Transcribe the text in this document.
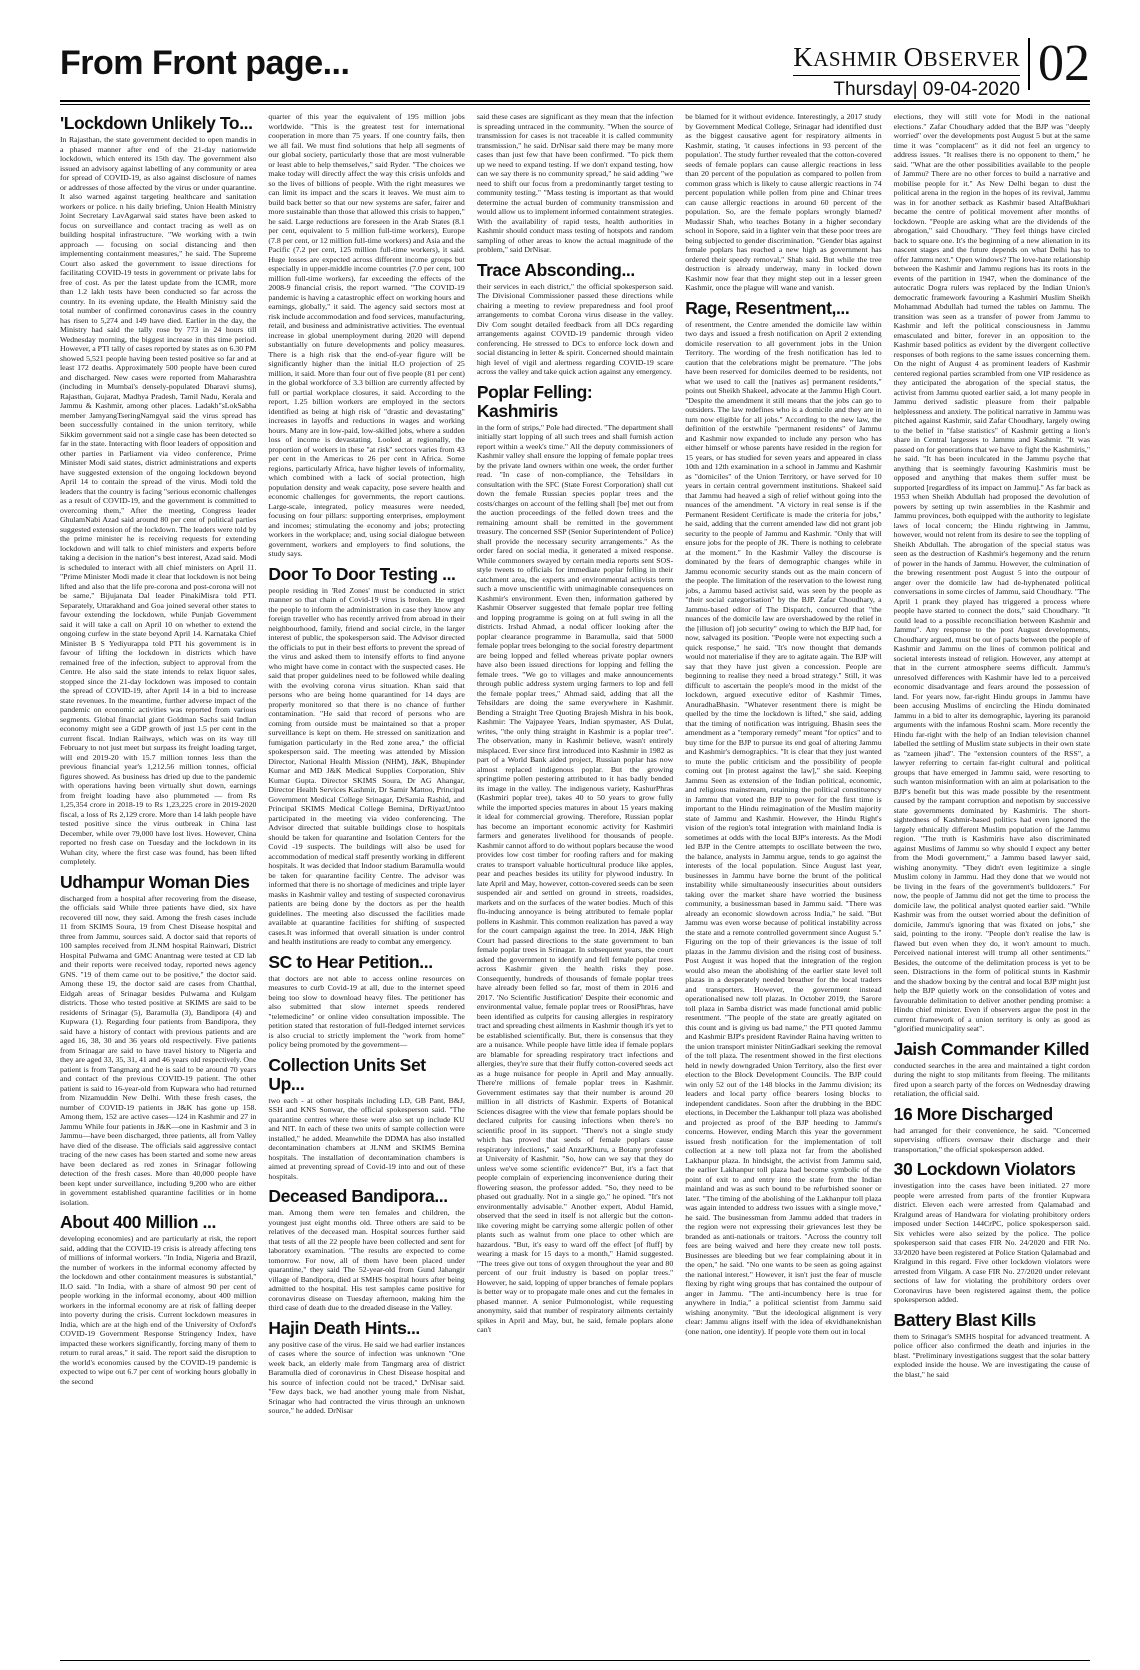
From Front page...	KASHMIR OBSERVER
Thursday| 09-04-2020 02
'Lockdown Unlikely To...
In Rajasthan, the state government decided to open mandis in a phased manner after end of the 21-day nationwide lockdown, which entered its 15th day. The government also issued an advisory against labelling of any community or area for spread of COVID-19, as also against disclosure of names or addresses of those affected by the virus or under quarantine. It also warned against targeting healthcare and sanitation workers or police. n his daily briefing, Union Health Ministry Joint Secretary LavAgarwal said states have been asked to focus on surveillance and contact tracing as well as on building hospital infrastructure. "We working with a twin approach — focusing on social distancing and then implementing containment measures," he said. The Supreme Court also asked the government to issue directions for facilitating COVID-19 tests in government or private labs for free of cost. As per the latest update from the ICMR, more than 1.2 lakh tests have been conducted so far across the country. In its evening update, the Health Ministry said the total number of confirmed coronavirus cases in the country has risen to 5,274 and 149 have died. Earlier in the day, the Ministry had said the tally rose by 773 in 24 hours till Wednesday morning, the biggest increase in this time period. However, a PTI tally of cases reported by states as on 6.30 PM showed 5,521 people having been tested positive so far and at least 172 deaths. Approximately 500 people have been cured and discharged. New cases were reported from Maharashtra (including in Mumbai's densely-populated Dharavi slums), Rajasthan, Gujarat, Madhya Pradesh, Tamil Nadu, Kerala and Jammu & Kashmir, among other places. Ladakh"sLokSabha member JamyangTseringNamgyal said the virus spread has been successfully contained in the union territory, while Sikkim government said not a single case has been detected so far in the state. Interacting with floor leaders of opposition and other parties in Parliament via video conference, Prime Minister Modi said states, district administrations and experts have suggested extension of the ongoing lockdown beyond April 14 to contain the spread of the virus. Modi told the leaders that the country is facing "serious economic challenges as a result of COVID-19, and the government is committed to overcoming them," After the meeting, Congress leader GhulamNabi Azad said around 80 per cent of political parties suggested extension of the lockdown. The leaders were told by the prime minister he is receiving requests for extending lockdown and will talk to chief ministers and experts before taking a decision in the nation"s best interest, Azad said. Modi is scheduled to interact with all chief ministers on April 11. "Prime Minister Modi made it clear that lockdown is not being lifted and also that the life pre-corona and post-corona will not be same," Bijujanata Dal leader PinakiMisra told PTI. Separately, Uttarakhand and Goa joined several other states to favour extending the lockdown, while Punjab Government said it will take a call on April 10 on whether to extend the ongoing curfew in the state beyond April 14. Karnataka Chief Minister B S Yediyurappa told PTI his government is in favour of lifting the lockdown in districts which have remained free of the infection, subject to approval from the Centre. He also said the state intends to relax liquor sales, stopped since the 21-day lockdown was imposed to contain the spread of COVID-19, after April 14 in a bid to increase state revenues. In the meantime, further adverse impact of the pandemic on economic activities was reported from various segments. Global financial giant Goldman Sachs said Indian economy might see a GDP growth of just 1.5 per cent in the current fiscal. Indian Railways, which was on its way till February to not just meet but surpass its freight loading target, will end 2019-20 with 15.7 million tonnes less than the previous financial year's 1,212.56 million tonnes, official figures showed. As business has dried up due to the pandemic with operations having been virtually shut down, earnings from freight loading have also plummeted — from Rs 1,25,354 crore in 2018-19 to Rs 1,23,225 crore in 2019-2020 fiscal, a loss of Rs 2,129 crore. More than 14 lakh people have tested positive since the virus outbreak in China last December, while over 79,000 have lost lives. However, China reported no fresh case on Tuesday and the lockdown in its Wuhan city, where the first case was found, has been lifted completely.
Udhampur Woman Dies
discharged from a hospital after recovering from the disease, the officials said While three patients have died, six have recovered till now, they said. Among the fresh cases include 11 from SKIMS Soura, 19 from Chest Disease hospital and three from Jammu, sources said. A doctor said that reports of 100 samples received from JLNM hospital Rainwari, District Hospital Pulwama and GMC Anantnag were tested at CD lab and their reports were received today, reported news agency GNS. "19 of them came out to be positive," the doctor said. Among these 19, the doctor said are cases from Chatthal, Eidgah areas of Srinagar besides Pulwama and Kulgam districts. Those who tested positive at SKIMS are said to be residents of Srinagar (5), Baramulla (3), Bandipora (4) and Kupwara (1). Regarding four patients from Bandipora, they said have a history of contact with previous patients and are aged 16, 38, 30 and 36 years old respectively. Five patients from Srinagar are said to have travel history to Nigeria and they are aged 33, 35, 31, 41 and 46 years old respectively. One patient is from Tangmarg and he is said to be around 70 years and contact of the previous COVID-19 patient. The other patient is said to 16-year-old from Kupwara who had returned from Nizamuddin New Delhi. With these fresh cases, the number of COVID-19 patients in J&K has gone up 158. Among them, 152 are active cases—124 in Kashmir and 27 in Jammu While four patients in J&K—one in Kashmir and 3 in Jammu—have been discharged, three patients, all from Valley have died of the disease. The officials said aggressive contact tracing of the new cases has been started and some new areas have been declared as red zones in Srinagar following detection of the fresh cases. More than 40,000 people have been kept under surveillance, including 9,200 who are either in government established quarantine facilities or in home isolation.
About 400 Million ...
developing economies) and are particularly at risk, the report said, adding that the COVID-19 crisis is already affecting tens of millions of informal workers. "In India, Nigeria and Brazil, the number of workers in the informal economy affected by the lockdown and other containment measures is substantial," ILO said. "In India, with a share of almost 90 per cent of people working in the informal economy, about 400 million workers in the informal economy are at risk of falling deeper into poverty during the crisis. Current lockdown measures in India, which are at the high end of the University of Oxford's COVID-19 Government Response Stringency Index, have impacted these workers significantly, forcing many of them to return to rural areas," it said. The report said the disruption to the world's economies caused by the COVID-19 pandemic is expected to wipe out 6.7 per cent of working hours globally in the second
quarter of this year the equivalent of 195 million jobs worldwide. "This is the greatest test for international cooperation in more than 75 years. If one country fails, then we all fail. We must find solutions that help all segments of our global society, particularly those that are most vulnerable or least able to help themselves," said Ryder. "The choices we make today will directly affect the way this crisis unfolds and so the lives of billions of people. With the right measures we can limit its impact and the scars it leaves. We must aim to build back better so that our new systems are safer, fairer and more sustainable than those that allowed this crisis to happen," he said. Large reductions are foreseen in the Arab States (8.1 per cent, equivalent to 5 million full-time workers), Europe (7.8 per cent, or 12 million full-time workers) and Asia and the Pacific (7.2 per cent, 125 million full-time workers), it said. Huge losses are expected across different income groups but especially in upper-middle income countries (7.0 per cent, 100 million full-time workers), far exceeding the effects of the 2008-9 financial crisis, the report warned. "The COVID-19 pandemic is having a catastrophic effect on working hours and earnings, globally," it said. The agency said sectors most at risk include accommodation and food services, manufacturing, retail, and business and administrative activities. The eventual increase in global unemployment during 2020 will depend substantially on future developments and policy measures. There is a high risk that the end-of-year figure will be significantly higher than the initial ILO projection of 25 million, it said. More than four out of five people (81 per cent) in the global workforce of 3.3 billion are currently affected by full or partial workplace closures, it said. According to the report, 1.25 billion workers are employed in the sectors identified as being at high risk of "drastic and devastating" increases in layoffs and reductions in wages and working hours. Many are in low-paid, low-skilled jobs, where a sudden loss of income is devastating. Looked at regionally, the proportion of workers in these "at risk" sectors varies from 43 per cent in the Americas to 26 per cent in Africa. Some regions, particularly Africa, have higher levels of informality, which combined with a lack of social protection, high population density and weak capacity, pose severe health and economic challenges for governments, the report cautions. Large-scale, integrated, policy measures were needed, focusing on four pillars: supporting enterprises, employment and incomes; stimulating the economy and jobs; protecting workers in the workplace; and, using social dialogue between government, workers and employers to find solutions, the study says.
Door To Door Testing ...
people residing in 'Red Zones' must be conducted in strict manner so that chain of Covid-19 virus is broken. He urged the people to inform the administration in case they know any foreign traveller who has recently arrived from abroad in their neighbourhood, family, friend and social circle, in the larger interest of public, the spokesperson said. The Advisor directed the officials to put in their best efforts to prevent the spread of the virus and asked them to intensify efforts to find anyone who might have come in contact with the suspected cases. He said that proper guidelines need to be followed while dealing with the evolving corona virus situation. Khan said that persons who are being home quarantined for 14 days are properly monitored so that there is no chance of further contamination. "He said that record of persons who are coming from outside must be maintained so that a proper surveillance is kept on them. He stressed on sanitization and fumigation particularly in the Red zone area," the official spokesperson said. The meeting was attended by Mission Director, National Health Mission (NHM), J&K, Bhupinder Kumar and MD J&K Medical Supplies Corporation, Shiv Kumar Gupta. Director SKIMS Soura, Dr AG Ahangar, Director Health Services Kashmir, Dr Samir Mattoo, Principal Government Medical College Srinagar, DrSamia Rashid, and Principal SKIMS Medical College Bemina, DrRiyazUntoo participated in the meeting via video conferencing. The Advisor directed that suitable buildings close to hospitals should be taken for quarantine and Isolation Centers for the Covid -19 suspects. The buildings will also be used for accommodation of medical staff presently working in different hospitals. It was decided that Indoor stadium Baramulla would be taken for quarantine facility Centre. The advisor was informed that there is no shortage of medicines and triple layer masks in Kashmir valley and testing of suspected coronavirus patients are being done by the doctors as per the health guidelines. The meeting also discussed the facilities made available at quarantine facilities for shifting of suspected cases.It was informed that overall situation is under control and health institutions are ready to combat any emergency.
SC to Hear Petition...
that doctors are not able to access online resources on measures to curb Covid-19 at all, due to the internet speed being too slow to download heavy files. The petitioner has also submitted that slow internet speeds rendered "telemedicine" or online video consultation impossible. The petition stated that restoration of full-fledged internet services is also crucial to strictly implement the "work from home" policy being promoted by the government—
Collection Units Set Up...
two each - at other hospitals including LD, GB Pant, B&J, SSH and KNS Sonwar, the official spokesperson said. "The quarantine centres where these were also set up include KU and NIT. In each of these two units of sample collection were installed," he added. Meanwhile the DDMA has also installed decontamination chambers at JLNM and SKIMS Bemina hospitals. The installation of decontamination chambers is aimed at preventing spread of Covid-19 into and out of these hospitals.
Deceased Bandipora...
man. Among them were ten females and children, the youngest just eight months old. Three others are said to be relatives of the deceased man. Hospital sources further said that tests of all the 22 people have been collected and sent for laboratory examination. "The results are expected to come tomorrow. For now, all of them have been placed under quarantine," they said The 52-year-old from Gund Jahangir village of Bandipora, died at SMHS hospital hours after being admitted to the hospital. His test samples came positive for coronavirus disease on Tuesday afternoon, making him the third case of death due to the dreaded disease in the Valley.
Hajin Death Hints...
any positive case of the virus. He said we had earlier instances of cases where the source of infection was unknown "One week back, an elderly male from Tangmarg area of district Baramulla died of coronavirus in Chest Disease hospital and his source of infection could not be traced," DrNisar said. "Few days back, we had another young male from Nishat, Srinagar who had contracted the virus through an unknown source," he added. DrNisar
said these cases are significant as they mean that the infection is spreading untraced in the community. "When the source of transmission for cases is not traceable it is called community transmission," he said. DrNisar said there may be many more cases than just few that have been confirmed. "To pick them up we need to expand testing. If we don't expand testing, how can we say there is no community spread," he said adding "we need to shift our focus from a predominantly target testing to community testing." "Mass testing is important as that would determine the actual burden of community transmission and would allow us to implement informed containment strategies. With the availability of rapid tests, health authorities in Kashmir should conduct mass testing of hotspots and random sampling of other areas to know the actual magnitude of the problem," said DrNisar.
Trace Absconding...
their services in each district," the official spokesperson said. The Divisional Commissioner passed these directions while chairing a meeting to review preparedness and fool proof arrangements to combat Corona virus disease in the valley. Div Com sought detailed feedback from all DCs regarding arrangements against COVID-19 pandemic through video conferencing. He stressed to DCs to enforce lock down and social distancing in letter & spirit. Concerned should maintain high level of vigil and alertness regarding COVID-19 scare across the valley and take quick action against any emergency.
Poplar Felling: Kashmiris
in the form of strips," Pole had directed. "The department shall initially start lopping of all such trees and shall furnish action report within a week's time." All the deputy commissioners of Kashmir valley shall ensure the lopping of female poplar trees by the private land owners within one week, the order further read. "In case of non-compliance, the Tehsildars in consultation with the SFC (State Forest Corporation) shall cut down the female Russian species poplar trees and the costs/charges on account of the felling shall [be] met out from the auction proceedings of the felled down trees and the remaining amount shall be remitted in the government treasury. The concerned SSP (Senior Superintendent of Police) shall provide the necessary security arrangements." As the order fared on social media, it generated a mixed response. While commoners swayed by certain media reports sent SOS-style tweets to officials for immediate poplar felling in their catchment area, the experts and environmental activists term such a move unscientific with unimaginable consequences on Kashmir's environment. Even then, information gathered by Kashmir Observer suggested that female poplar tree felling and lopping programme is going on at full swing in all the districts. Irshad Ahmad, a nodal officer looking after the poplar clearance programme in Baramulla, said that 5000 female poplar trees belonging to the social forestry department are being lopped and felled whereas private poplar owners have also been issued directions for lopping and felling the female trees. "We go to villages and make announcements through public address system urging farmers to lop and fell the female poplar trees," Ahmad said, adding that all the Tehsildars are doing the same everywhere in Kashmir. Bending a Straight Tree Quoting Brajesh Mishra in his book, Kashmir: The Vajpayee Years, Indian spymaster, AS Dulat, writes, "the only thing straight in Kashmir is a poplar tree". The observation, many in Kashmir believe, wasn't entirely misplaced. Ever since first introduced into Kashmir in 1982 as part of a World Bank aided project, Russian poplar has now almost replaced indigenous poplar. But the growing springtime pollen pestering attributed to it has badly bended its image in the valley. The indigenous variety, KashurPhras (Kashmiri poplar tree), takes 40 to 50 years to grow fully while the imported species matures in about 15 years making it ideal for commercial growing. Therefore, Russian poplar has become an important economic activity for Kashmiri farmers and generates livelihood for thousands of people. Kashmir cannot afford to do without poplars because the wood provides low cost timber for roofing rafters and for making crates to transport valuable horticultural produce like apples, pear and peaches besides its utility for plywood industry. In late April and May, however, cotton-covered seeds can be seen suspended air and settled on ground in streets, roadsides, markets and on the surfaces of the water bodies. Much of this flu-inducing annoyance is being attributed to female poplar pollens in Kashmir. This common realization has paved a way for the court campaign against the tree. In 2014, J&K High Court had passed directions to the state government to ban female poplar trees in Srinagar. In subsequent years, the court asked the government to identify and fell female poplar trees across Kashmir given the health risks they pose. Consequently, hundreds of thousands of female poplar trees have already been felled so far, most of them in 2016 and 2017. 'No Scientific Justification' Despite their economic and environmental value, female poplar trees or RoosiPhras, have been identified as culprits for causing allergies in respiratory tract and spreading chest ailments in Kashmir though it's yet to be established scientifically. But, there is consensus that they are a nuisance. While people have little idea if female poplars are blamable for spreading respiratory tract infections and allergies, they're sure that their fluffy cotton-covered seeds act as a huge nuisance for people in April and May annually. There're millions of female poplar trees in Kashmir. Government estimates say that their number is around 20 million in all districts of Kashmir. Experts of Botanical Sciences disagree with the view that female poplars should be declared culprits for causing infections when there's no scientific proof in its support. "There's not a single study which has proved that seeds of female poplars cause respiratory infections," said AnzarKhuru, a Botany professor at University of Kashmir. "So, how can we say that they do unless we've some scientific evidence?" But, it's a fact that people complain of experiencing inconvenience during their flowering season, the professor added. "So, they need to be phased out gradually. Not in a single go," he opined. "It's not environmentally advisable." Another expert, Abdul Hamid, observed that the seed in itself is not allergic but the cotton-like covering might be carrying some allergic pollen of other plants such as walnut from one place to other which are hazardous. "But, it's easy to ward off the effect [of fluff] by wearing a mask for 15 days to a month," Hamid suggested. "The trees give out tons of oxygen throughout the year and 80 percent of our fruit industry is based on poplar trees." However, he said, lopping of upper branches of female poplars is better way or to propagate male ones and cut the females in phased manner. A senior Pulmonologist, while requesting anonymity, said that number of respiratory ailments certainly spikes in April and May, but, he said, female poplars alone can't
be blamed for it without evidence. Interestingly, a 2017 study by Government Medical College, Srinagar had identified dust as the biggest causative agent for respiratory ailments in Kashmir, stating, 'it causes infections in 93 percent of the population'. The study further revealed that the cotton-covered seeds of female poplars can cause allergic reactions in less than 20 percent of the population as compared to pollen from common grass which is likely to cause allergic reactions in 74 percent population while pollen from pine and Chinar trees can cause allergic reactions in around 60 percent of the population. So, are the female poplars wrongly blamed? Mudassir Shah, who teaches Botany in a higher secondary school in Sopore, said in a lighter vein that these poor trees are being subjected to gender discrimination. "Gender bias against female poplars has reached a new high as government has ordered their speedy removal," Shah said. But while the tree destruction is already underway, many in locked down Kashmir now fear that they might step out in a lesser green Kashmir, once the plague will wane and vanish.
Rage, Resentment,...
of resentment, the Centre amended the domicile law within two days and issued a fresh notification on April 2 extending domicile reservation to all government jobs in the Union Territory. The wording of the fresh notification has led to caution that the celebrations might be premature. "The jobs have been reserved for domiciles deemed to be residents, not what we used to call the [natives as] permanent residents," points out Sheikh Shakeel, advocate at the Jammu High Court. "Despite the amendment it still means that the jobs can go to outsiders. The law redefines who is a domicile and they are in turn now eligible for all jobs." According to the new law, the definition of the erstwhile "permanent residents" of Jammu and Kashmir now expanded to include any person who has either himself or whose parents have resided in the region for 15 years, or has studied for seven years and appeared in class 10th and 12th examination in a school in Jammu and Kashmir as "domiciles" of the Union Territory, or have served for 10 years in certain central government institutions. Shakeel said that Jammu had heaved a sigh of relief without going into the nuances of the amendment. "A victory in real sense is if the Permanent Resident Certificate is made the criteria for jobs," he said, adding that the current amended law did not grant job security to the people of Jammu and Kashmir. "Only that will ensure jobs for the people of JK. There is nothing to celebrate at the moment." In the Kashmir Valley the discourse is dominated by the fears of demographic changes while in Jammu economic security stands out as the main concern of the people. The limitation of the reservation to the lowest rung jobs, a Jammu based activist said, was seen by the people as "their social categorisation" by the BJP. Zafar Choudhary, a Jammu-based editor of The Dispatch, concurred that "the nuances of the domicile law are overshadowed by the relief in the [illusion of] job security" owing to which the BJP had, for now, salvaged its position. "People were not expecting such a quick response," he said. "It's now thought that demands would not materialise if they are to agitate again. The BJP will say that they have just given a concession. People are beginning to realise they need a broad strategy." Still, it was difficult to ascertain the people's mood in the midst of the lockdown, argued executive editor of Kashmir Times, AnuradhaBhasin. "Whatever resentment there is might be quelled by the time the lockdown is lifted," she said, adding that the timing of notification was intriguing. Bhasin sees the amendment as a "temporary remedy" meant "for optics" and to buy time for the BJP to pursue its end goal of altering Jammu and Kashmir's demographics. "It is clear that they just wanted to mute the public criticism and the possibility of people coming out [in protest against the law]," she said. Keeping Jammu Seen as extension of the Indian political, economic, and religious mainstream, retaining the political constituency in Jammu that voted the BJP to power for the first time is important to the Hindu reimagination of the Muslim majority state of Jammu and Kashmir. However, the Hindu Right's vision of the region's total integration with mainland India is sometimes at odds with the local BJP's interests. As the Modi led BJP in the Centre attempts to oscillate between the two, the balance, analysts in Jammu argue, tends to go against the interests of the local population. Since August last year, businesses in Jammu have borne the brunt of the political instability while simultaneously insecurities about outsiders taking over the market share have worried the business community, a businessman based in Jammu said. "There was already an economic slowdown across India," he said. "But Jammu was even worse because of political instability across the state and a remote controlled government since August 5." Figuring on the top of their grievances is the issue of toll plazas in the Jammu division and the rising cost of business. Post August it was hoped that the integration of the region would also mean the abolishing of the earlier state level toll plazas in a desperately needed breather for the local traders and transporters. However, the government instead operationalised new toll plazas. In October 2019, the Sarore toll plaza in Samba district was made functional amid public resentment. "The people of the state are greatly agitated on this count and is giving us bad name," the PTI quoted Jammu and Kashmir BJP's president Ravinder Raina having written to the union transport minister NitinGadkari seeking the removal of the toll plaza. The resentment showed in the first elections held in newly downgraded Union Territory, also the first ever election to the Block Development Councils. The BJP could win only 52 out of the 148 blocks in the Jammu division; its leaders and local party office bearers losing blocks to independent candidates. Soon after the drubbing in the BDC elections, in December the Lakhanpur toll plaza was abolished and projected as proof of the BJP heeding to Jammu's concerns. However, ending March this year the government issued fresh notification for the implementation of toll collection at a new toll plaza not far from the abolished Lakhanpur plaza. In hindsight, the activist from Jammu said, the earlier Lakhanpur toll plaza had become symbolic of the point of exit to and entry into the state from the Indian mainland and was as such bound to be refurbished sooner or later. "The timing of the abolishing of the Lakhanpur toll plaza was again intended to address two issues with a single move," he said. The businessman from Jammu added that traders in the region were not expressing their grievances lest they be branded as anti-nationals or traitors. "Across the country toll fees are being waived and here they create new toll posts. Businesses are bleeding but we fear complaining about it in the open," he said. "No one wants to be seen as going against the national interest." However, it isn't just the fear of muscle flexing by right wing groups that has contained the outpour of anger in Jammu. "The anti-incumbency here is true for anywhere in India," a political scientist from Jammu said wishing anonymity. "But the ideological alignment is very clear: Jammu aligns itself with the idea of ekvidhaneknishan (one nation, one identity). If people vote them out in local
elections, they will still vote for Modi in the national elections." Zafar Choudhary added that the BJP was "deeply worried" over the developments post August 5 but at the same time it was "complacent" as it did not feel an urgency to address issues. "It realises there is no opponent to them," he said. "What are the other possibilities available to the people of Jammu? There are no other forces to build a narrative and mobilise people for it." As New Delhi began to dust the political arena in the region in the hopes of its revival, Jammu was in for another setback as Kashmir based AltafBukhari became the centre of political movement after months of lockdown. "People are asking what are the dividends of the abrogation," said Choudhary. "They feel things have circled back to square one. It's the beginning of a new alienation in its nascent stages and the future depends on what Delhi has to offer Jammu next." Open windows? The love-hate relationship between the Kashmir and Jammu regions has its roots in the events of the partition in 1947, when the dominance of the autocratic Dogra rulers was replaced by the Indian Union's democratic framework favouring a Kashmiri Muslim Sheikh Mohammad Abdullah had turned the tables on Jammu. The transition was seen as a transfer of power from Jammu to Kashmir and left the political consciousness in Jammu emasculated and bitter, forever in an opposition to the Kashmir based politics as evident by the divergent collective responses of both regions to the same issues concerning them. On the night of August 4 as prominent leaders of Kashmir centered regional parties scrambled from one VIP residence as they anticipated the abrogation of the special status, the activist from Jammu quoted earlier said, a lot many people in Jammu derived sadistic pleasure from their palpable helplessness and anxiety. The political narrative in Jammu was pitched against Kashmir, said Zafar Choudhary, largely owing to the belief in "false statistics" of Kashmir getting a lion's share in Central largesses to Jammu and Kashmir. "It was passed on for generations that we have to fight the Kashmiris," he said. "It has been inculcated in the Jammu psyche that anything that is seemingly favouring Kashmiris must be opposed and anything that makes them suffer must be supported [regardless of its impact on Jammu]." As far back as 1953 when Sheikh Abdullah had proposed the devolution of powers by setting up twin assemblies in the Kashmir and Jammu provinces, both equipped with the authority to legislate laws of local concern; the Hindu rightwing in Jammu, however, would not relent from its desire to see the toppling of Sheikh Abdullah. The abrogation of the special status was seen as the destruction of Kashmir's hegemony and the return of power in the hands of Jammu. However, the culmination of the brewing resentment post August 5 into the outpour of anger over the domicile law had de-hyphenated political conversations in some circles of Jammu, said Choudhary. "The April 1 prank they played has triggered a process where people have started to connect the dots," said Choudhary. "It could lead to a possible reconciliation between Kashmir and Jammu". Any response to the post August developments, Choudhary argued, must be out of pacts between the people of Kashmir and Jammu on the lines of common political and societal interests instead of religion. However, any attempt at that in the current atmosphere seems difficult. Jammu's unresolved differences with Kashmir have led to a perceived economic disadvantage and fears around the possession of land. For years now, far-right Hindu groups in Jammu have been accusing Muslims of encircling the Hindu dominated Jammu in a bid to alter its demographic, layering its paranoid arguments with the infamous Roshni scam. More recently the Hindu far-right with the help of an Indian television channel labelled the settling of Muslim state subjects in their own state as "zameen jihad". The "extension counters of the RSS", a lawyer referring to certain far-right cultural and political groups that have emerged in Jammu said, were resorting to such wanton misinformation with an aim at polarisation to the BJP's benefit but this was made possible by the resentment caused by the rampant corruption and nepotism by successive state governments dominated by Kashmiris. The short-sightedness of Kashmir-based politics had even ignored the largely ethnically different Muslim population of the Jammu region. "The truth is Kashmiris have also discriminated against Muslims of Jammu so why should I expect any better from the Modi government," a Jammu based lawyer said, wishing anonymity. "They didn't even legitimize a single Muslim colony in Jammu. Had they done that we would not be living in the fears of the government's bulldozers." For now, the people of Jammu did not get the time to process the domicile law, the political analyst quoted earlier said. "While Kashmir was from the outset worried about the definition of domicile, Jammu's ignoring that was fixated on jobs," she said, pointing to the irony. "People don't realise the law is flawed but even when they do, it won't amount to much. Perceived national interest will trump all other sentiments." Besides, the outcome of the delimitation process is yet to be seen. Distractions in the form of political stunts in Kashmir and the shadow boxing by the central and local BJP might just help the BJP quietly work on the consolidation of votes and favourable delimitation to deliver another pending promise: a Hindu chief minister. Even if observers argue the post in the current framework of a union territory is only as good as "glorified municipality seat".
Jaish Commander Killed
conducted searches in the area and maintained a tight cordon during the night to stop militants from fleeing. The militants fired upon a search party of the forces on Wednesday drawing retaliation, the official said.
16 More Discharged
had arranged for their convenience, he said. "Concerned supervising officers oversaw their discharge and their transportation," the official spokesperson added.
30 Lockdown Violators
investigation into the cases have been initiated. 27 more people were arrested from parts of the frontier Kupwara district. Eleven each were arrested from Qalamabad and Kralgund areas of Handwara for violating prohibitory orders imposed under Section 144CrPC, police spokesperson said. Six vehicles were also seized by the police. The police spokesperson said that cases FIR No. 24/2020 and FIR No. 33/2020 have been registered at Police Station Qalamabad and Kralgund in this regard. Five other lockdown violators were arrested from Vilgam. A case FIR No. 27/2020 under relevant sections of law for violating the prohibitory orders over Coronavirus have been registered against them, the police spokesperson added.
Battery Blast Kills
them to Srinagar's SMHS hospital for advanced treatment. A police officer also confirmed the death and injuries in the blast. "Preliminary investigations suggest that the solar battery exploded inside the house. We are investigating the cause of the blast," he said
